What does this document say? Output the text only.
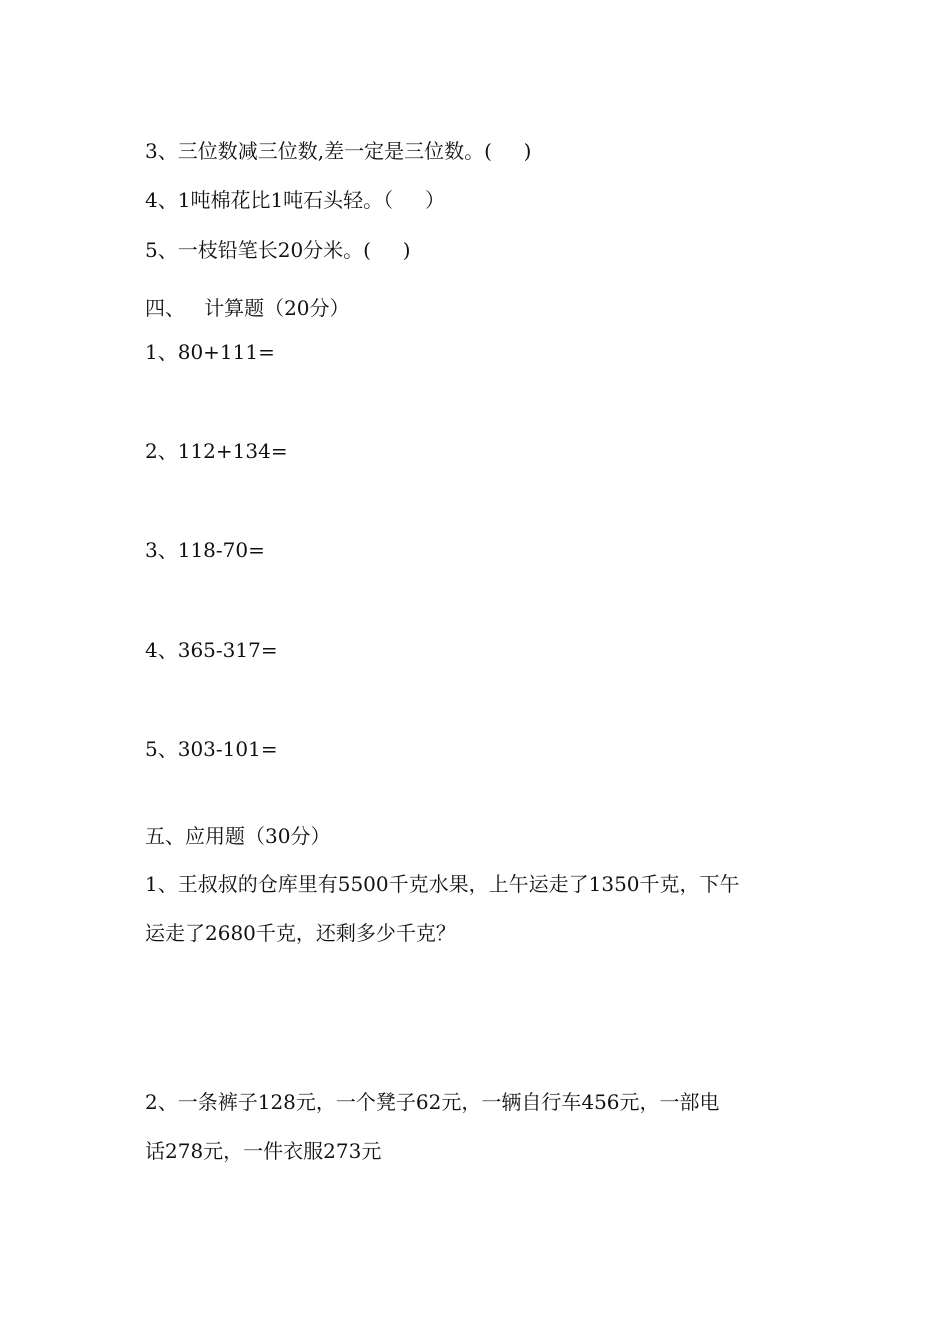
3、三位数减三位数,差一定是三位数。(     )
4、1吨棉花比1吨石头轻。（     ）
5、一枝铅笔长20分米。(     )
四、   计算题（20分）
1、80+111=
2、112+134=
3、118-70=
4、365-317=
5、303-101=
五、应用题（30分）
1、王叔叔的仓库里有5500千克水果，上午运走了1350千克，下午
运走了2680千克，还剩多少千克？
2、一条裤子128元，一个凳子62元，一辆自行车456元，一部电
话278元，一件衣服273元
